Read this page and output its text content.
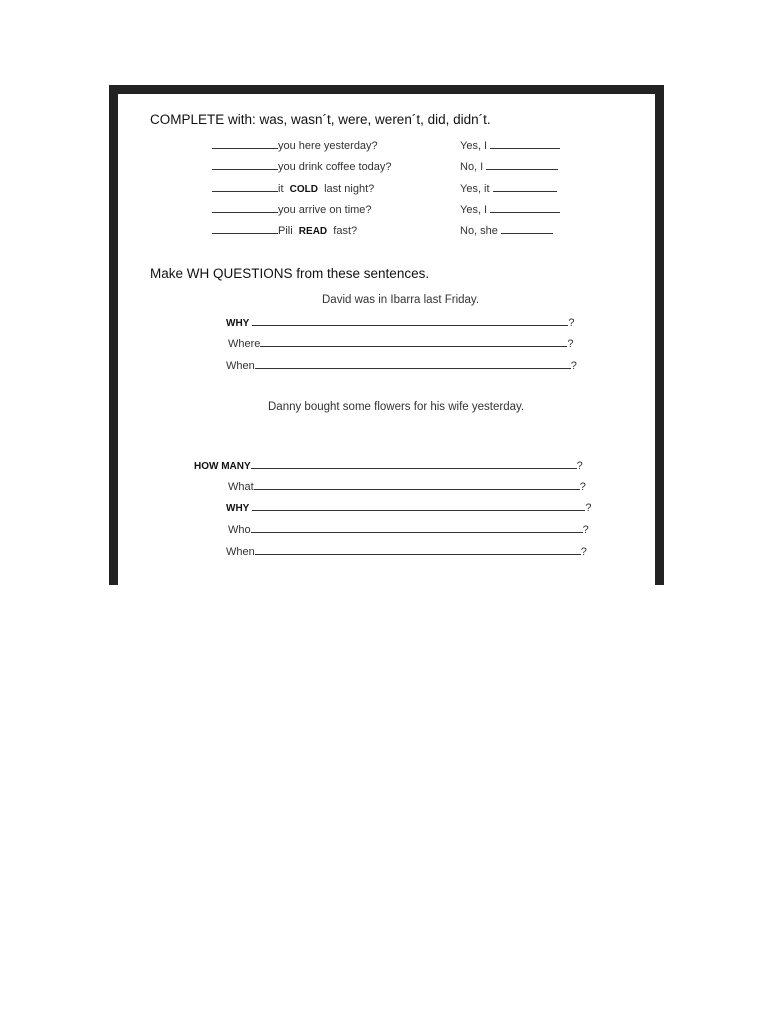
COMPLETE with: was, wasn´t, were, weren´t, did, didn´t.
you here yesterday?	Yes, I
you drink coffee today?	No, I
it COLD last night?	Yes, it
you arrive on time?	Yes, I
Pili READ fast?	No, she
Make WH QUESTIONS from these sentences.
David was in Ibarra last Friday.
WHY	?
Where	?
When	?
Danny bought some flowers for his wife yesterday.
HOW MANY	?
What	?
WHY	?
Who	?
When	?
